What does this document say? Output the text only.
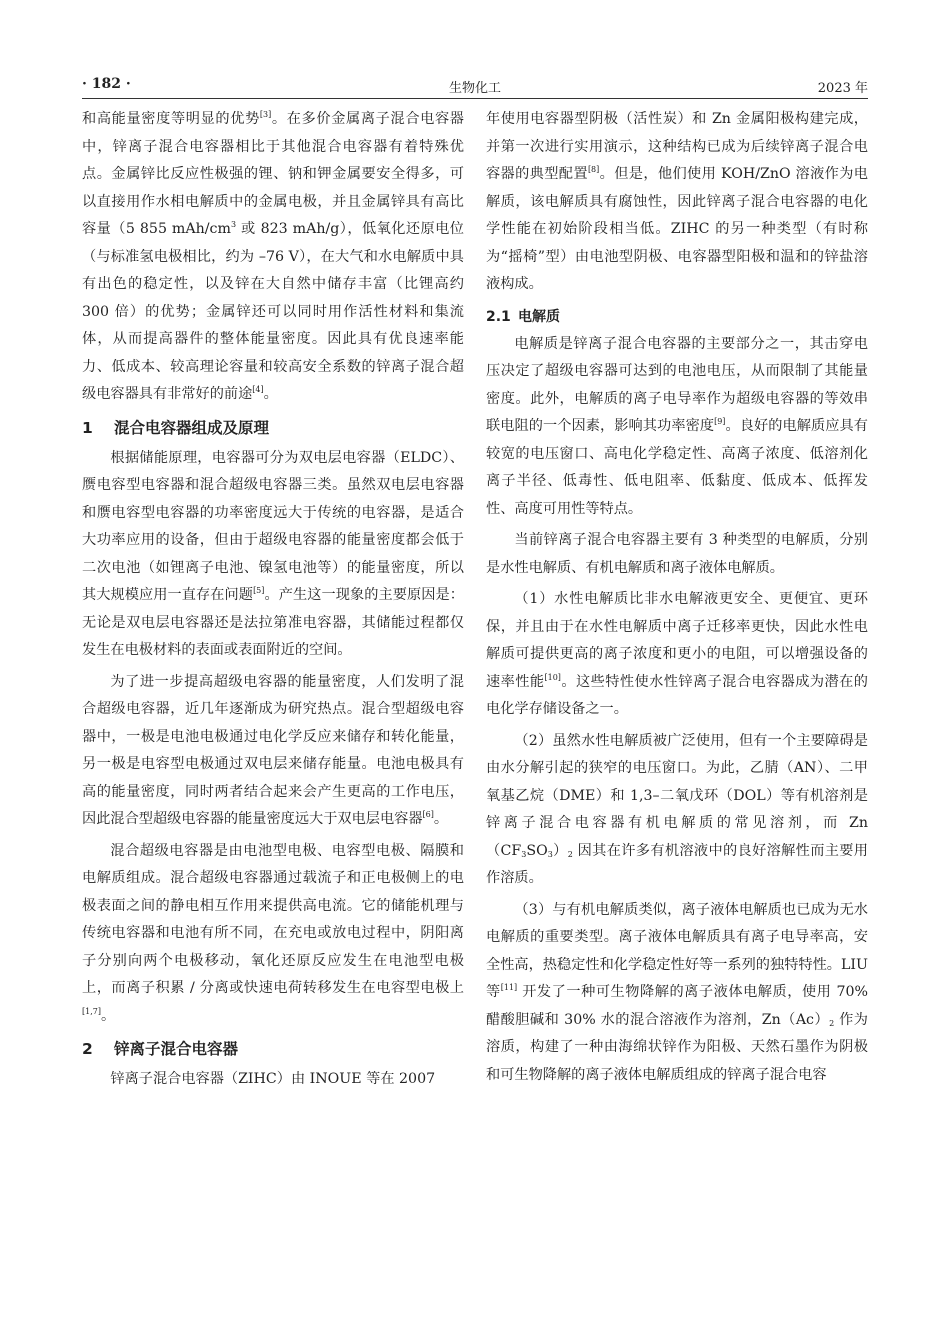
· 182 ·	生物化工	2023 年

和高能量密度等明显的优势[3]。在多价金属离子混合电容器中，锌离子混合电容器相比于其他混合电容器有着特殊优点。金属锌比反应性极强的锂、钠和钾金属要安全得多，可以直接用作水相电解质中的金属电极，并且金属锌具有高比容量（5 855 mAh/$cm^3$ 或 823 mAh/g），低氧化还原电位（与标准氢电极相比，约为 –76 V），在大气和水电解质中具有出色的稳定性，以及锌在大自然中储存丰富（比锂高约 300 倍）的优势；金属锌还可以同时用作活性材料和集流体，从而提高器件的整体能量密度。因此具有优良速率能力、低成本、较高理论容量和较高安全系数的锌离子混合超级电容器具有非常好的前途[4]。

1 混合电容器组成及原理

根据储能原理，电容器可分为双电层电容器（ELDC）、赝电容型电容器和混合超级电容器三类。虽然双电层电容器和赝电容型电容器的功率密度远大于传统的电容器，是适合大功率应用的设备，但由于超级电容器的能量密度都会低于二次电池（如锂离子电池、镍氢电池等）的能量密度，所以其大规模应用一直存在问题[5]。产生这一现象的主要原因是：无论是双电层电容器还是法拉第准电容器，其储能过程都仅发生在电极材料的表面或表面附近的空间。

为了进一步提高超级电容器的能量密度，人们发明了混合超级电容器，近几年逐渐成为研究热点。混合型超级电容器中，一极是电池电极通过电化学反应来储存和转化能量，另一极是电容型电极通过双电层来储存能量。电池电极具有高的能量密度，同时两者结合起来会产生更高的工作电压，因此混合型超级电容器的能量密度远大于双电层电容器[6]。

混合超级电容器是由电池型电极、电容型电极、隔膜和电解质组成。混合超级电容器通过载流子和正电极侧上的电极表面之间的静电相互作用来提供高电流。它的储能机理与传统电容器和电池有所不同，在充电或放电过程中，阴阳离子分别向两个电极移动，氧化还原反应发生在电池型电极上，而离子积累 / 分离或快速电荷转移发生在电容型电极上[1,7]。

2 锌离子混合电容器

锌离子混合电容器（ZIHC）由 INOUE 等在 2007

年使用电容器型阴极（活性炭）和 Zn 金属阳极构建完成，并第一次进行实用演示，这种结构已成为后续锌离子混合电容器的典型配置[8]。但是，他们使用 KOH/ZnO 溶液作为电解质，该电解质具有腐蚀性，因此锌离子混合电容器的电化学性能在初始阶段相当低。ZIHC 的另一种类型（有时称为“摇椅”型）由电池型阴极、电容器型阳极和温和的锌盐溶液构成。

2.1 电解质

电解质是锌离子混合电容器的主要部分之一，其击穿电压决定了超级电容器可达到的电池电压，从而限制了其能量密度。此外，电解质的离子电导率作为超级电容器的等效串联电阻的一个因素，影响其功率密度[9]。良好的电解质应具有较宽的电压窗口、高电化学稳定性、高离子浓度、低溶剂化离子半径、低毒性、低电阻率、低黏度、低成本、低挥发性、高度可用性等特点。

当前锌离子混合电容器主要有 3 种类型的电解质，分别是水性电解质、有机电解质和离子液体电解质。

（1）水性电解质比非水电解液更安全、更便宜、更环保，并且由于在水性电解质中离子迁移率更快，因此水性电解质可提供更高的离子浓度和更小的电阻，可以增强设备的速率性能[10]。这些特性使水性锌离子混合电容器成为潜在的电化学存储设备之一。

（2）虽然水性电解质被广泛使用，但有一个主要障碍是由水分解引起的狭窄的电压窗口。为此，乙腈（AN）、二甲氧基乙烷（DME）和 1,3–二氧戊环（DOL）等有机溶剂是锌离子混合电容器有机电解质的常见溶剂，而 $Zn(CF_3SO_3)_2$ 因其在许多有机溶液中的良好溶解性而主要用作溶质。

（3）与有机电解质类似，离子液体电解质也已成为无水电解质的重要类型。离子液体电解质具有离子电导率高，安全性高，热稳定性和化学稳定性好等一系列的独特特性。LIU 等[11] 开发了一种可生物降解的离子液体电解质，使用 70% 醋酸胆碱和 30% 水的混合溶液作为溶剂，$Zn(Ac)_2$ 作为溶质，构建了一种由海绵状锌作为阳极、天然石墨作为阴极和可生物降解的离子液体电解质组成的锌离子混合电容
